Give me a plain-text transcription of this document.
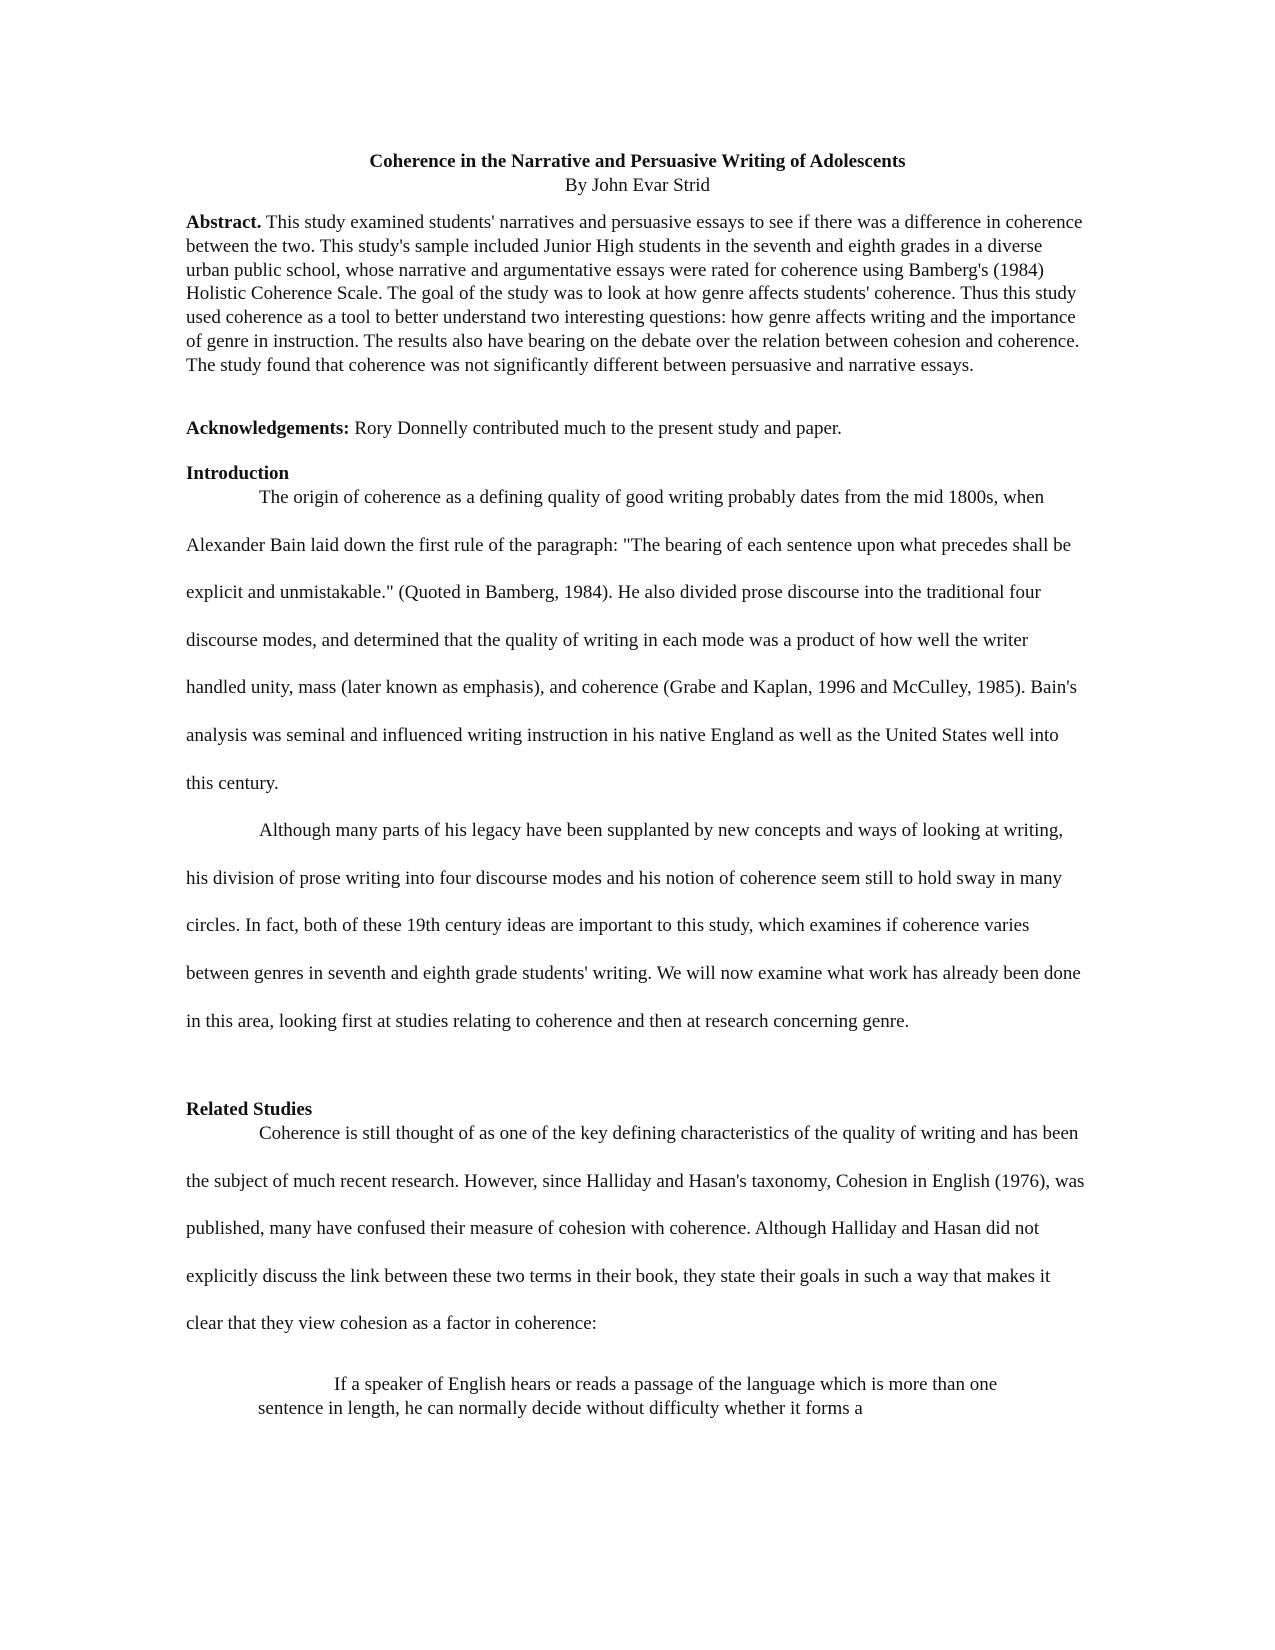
Coherence in the Narrative and Persuasive Writing of Adolescents

By John Evar Strid

Abstract. This study examined students' narratives and persuasive essays to see if there was a difference in coherence between the two. This study's sample included Junior High students in the seventh and eighth grades in a diverse urban public school, whose narrative and argumentative essays were rated for coherence using Bamberg's (1984) Holistic Coherence Scale. The goal of the study was to look at how genre affects students' coherence. Thus this study used coherence as a tool to better understand two interesting questions: how genre affects writing and the importance of genre in instruction. The results also have bearing on the debate over the relation between cohesion and coherence. The study found that coherence was not significantly different between persuasive and narrative essays.

Acknowledgements: Rory Donnelly contributed much to the present study and paper.

Introduction

The origin of coherence as a defining quality of good writing probably dates from the mid 1800s, when Alexander Bain laid down the first rule of the paragraph: "The bearing of each sentence upon what precedes shall be explicit and unmistakable." (Quoted in Bamberg, 1984). He also divided prose discourse into the traditional four discourse modes, and determined that the quality of writing in each mode was a product of how well the writer handled unity, mass (later known as emphasis), and coherence (Grabe and Kaplan, 1996 and McCulley, 1985). Bain's analysis was seminal and influenced writing instruction in his native England as well as the United States well into this century.

Although many parts of his legacy have been supplanted by new concepts and ways of looking at writing, his division of prose writing into four discourse modes and his notion of coherence seem still to hold sway in many circles. In fact, both of these 19th century ideas are important to this study, which examines if coherence varies between genres in seventh and eighth grade students' writing. We will now examine what work has already been done in this area, looking first at studies relating to coherence and then at research concerning genre.

Related Studies

Coherence is still thought of as one of the key defining characteristics of the quality of writing and has been the subject of much recent research. However, since Halliday and Hasan's taxonomy, Cohesion in English (1976), was published, many have confused their measure of cohesion with coherence. Although Halliday and Hasan did not explicitly discuss the link between these two terms in their book, they state their goals in such a way that makes it clear that they view cohesion as a factor in coherence:

If a speaker of English hears or reads a passage of the language which is more than one sentence in length, he can normally decide without difficulty whether it forms a
